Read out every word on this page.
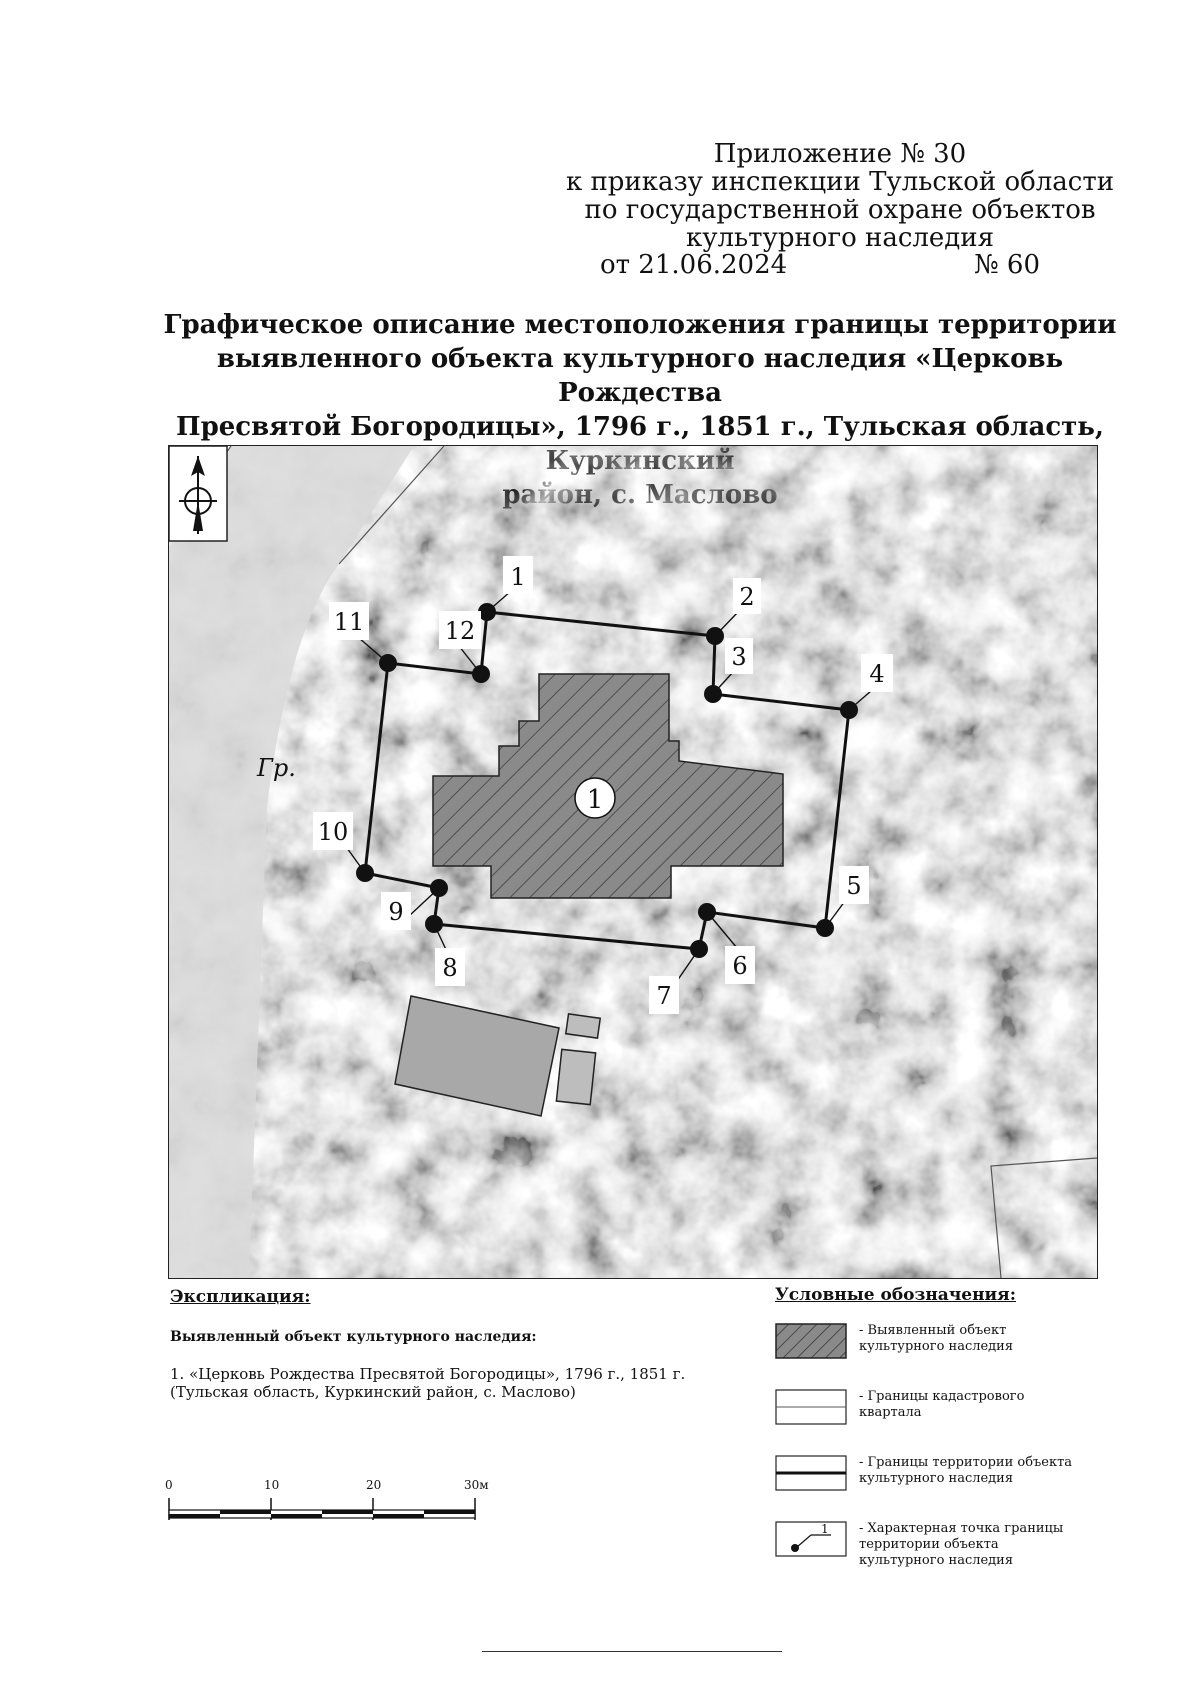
Приложение № 30
к приказу инспекции Тульской области
по государственной охране объектов
культурного наследия
от 21.06.2024	№ 60
Графическое описание местоположения границы территории
выявленного объекта культурного наследия «Церковь Рождества
Пресвятой Богородицы», 1796 г., 1851 г., Тульская область,
1
Гр.
1
2
3
4
5
6
7
8
9
10
11	12
Экспликация:
Выявленный объект культурного наследия:
1. «Церковь Рождества Пресвятой Богородицы», 1796 г., 1851 г.
(Тульская область, Куркинский район, с. Маслово)
0	10	20	30м
Условные обозначения:
- Выявленный объект
культурного наследия
- Границы кадастрового
квартала
- Границы территории объекта
культурного наследия
1 - Характерная точка границы
территории объекта
культурного наследия
